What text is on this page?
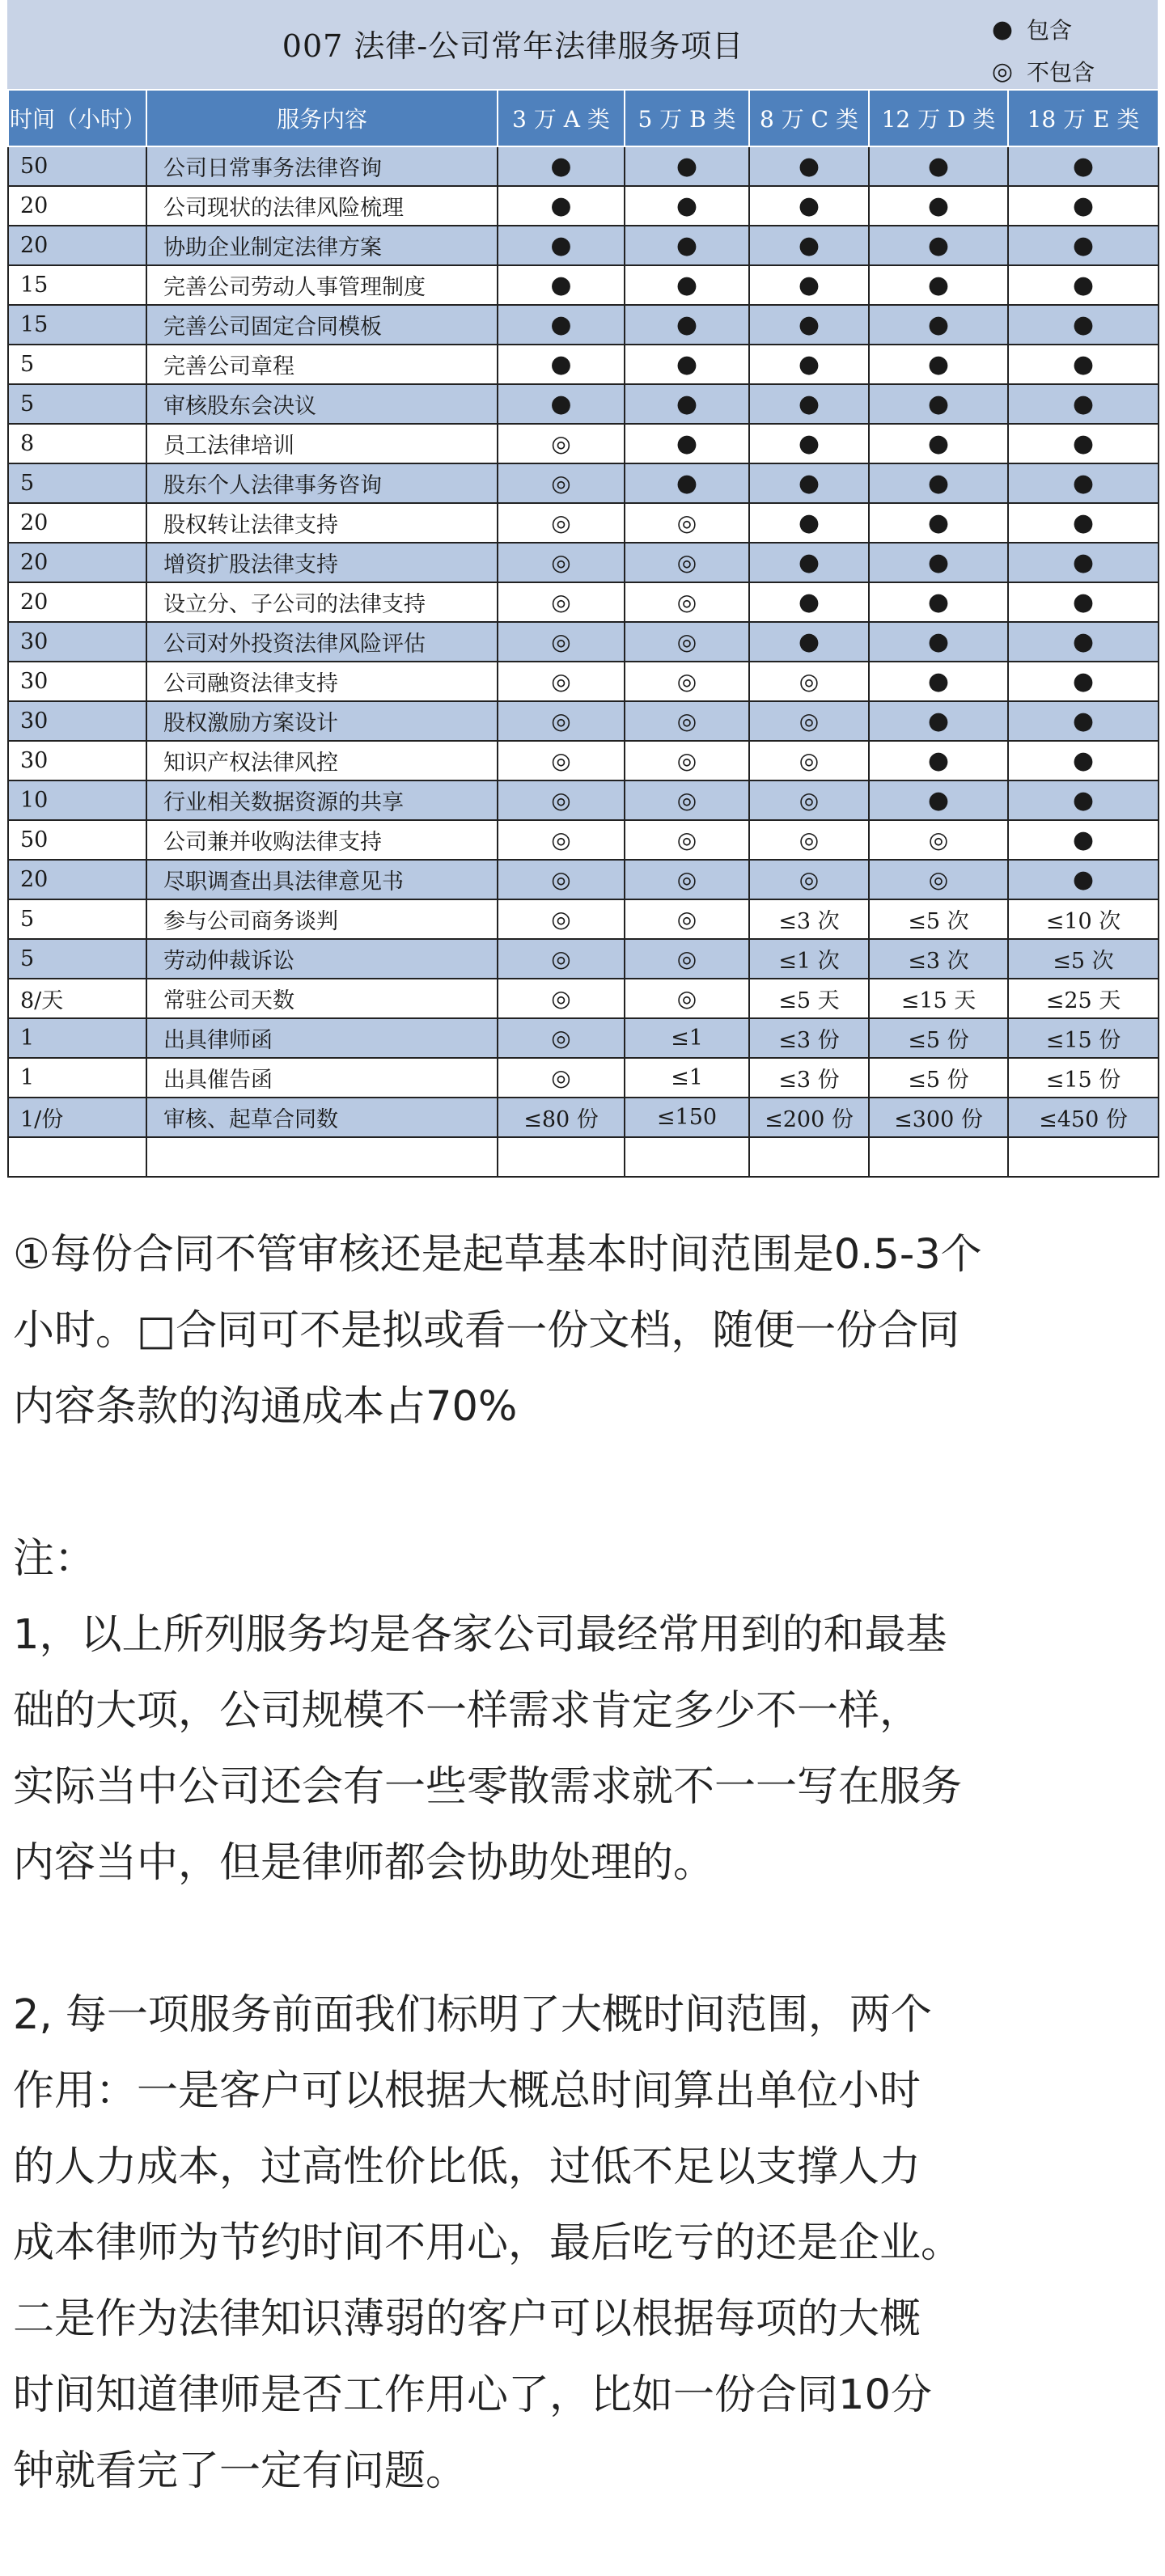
007 法律-公司常年法律服务项目	● 包含
◎ 不包含
时间（小时）	服务内容	3 万 A 类	5 万 B 类	8 万 C 类	12 万 D 类	18 万 E 类
50	公司日常事务法律咨询	●	●	●	●	●
20	公司现状的法律风险梳理	●	●	●	●	●
20	协助企业制定法律方案	●	●	●	●	●
15	完善公司劳动人事管理制度	●	●	●	●	●
15	完善公司固定合同模板	●	●	●	●	●
5	完善公司章程	●	●	●	●	●
5	审核股东会决议	●	●	●	●	●
8	员工法律培训	◎	●	●	●	●
5	股东个人法律事务咨询	◎	●	●	●	●
20	股权转让法律支持	◎	◎	●	●	●
20	增资扩股法律支持	◎	◎	●	●	●
20	设立分、子公司的法律支持	◎	◎	●	●	●
30	公司对外投资法律风险评估	◎	◎	●	●	●
30	公司融资法律支持	◎	◎	◎	●	●
30	股权激励方案设计	◎	◎	◎	●	●
30	知识产权法律风控	◎	◎	◎	●	●
10	行业相关数据资源的共享	◎	◎	◎	●	●
50	公司兼并收购法律支持	◎	◎	◎	◎	●
20	尽职调查出具法律意见书	◎	◎	◎	◎	●
5	参与公司商务谈判	◎	◎	≤3 次	≤5 次	≤10 次
5	劳动仲裁诉讼	◎	◎	≤1 次	≤3 次	≤5 次
8/天	常驻公司天数	◎	◎	≤5 天	≤15 天	≤25 天
1	出具律师函	◎	≤1	≤3 份	≤5 份	≤15 份
1	出具催告函	◎	≤1	≤3 份	≤5 份	≤15 份
1/份	审核、起草合同数	≤80 份	≤150	≤200 份	≤300 份	≤450 份

①每份合同不管审核还是起草基本时间范围是0.5-3个

小时。□合同可不是拟或看一份文档，随便一份合同

内容条款的沟通成本占70%

注：

1，以上所列服务均是各家公司最经常用到的和最基

础的大项，公司规模不一样需求肯定多少不一样，

实际当中公司还会有一些零散需求就不一一写在服务

内容当中，但是律师都会协助处理的。

2, 每一项服务前面我们标明了大概时间范围，两个

作用：一是客户可以根据大概总时间算出单位小时

的人力成本，过高性价比低，过低不足以支撑人力

成本律师为节约时间不用心，最后吃亏的还是企业。

二是作为法律知识薄弱的客户可以根据每项的大概

时间知道律师是否工作用心了，比如一份合同10分

钟就看完了一定有问题。
